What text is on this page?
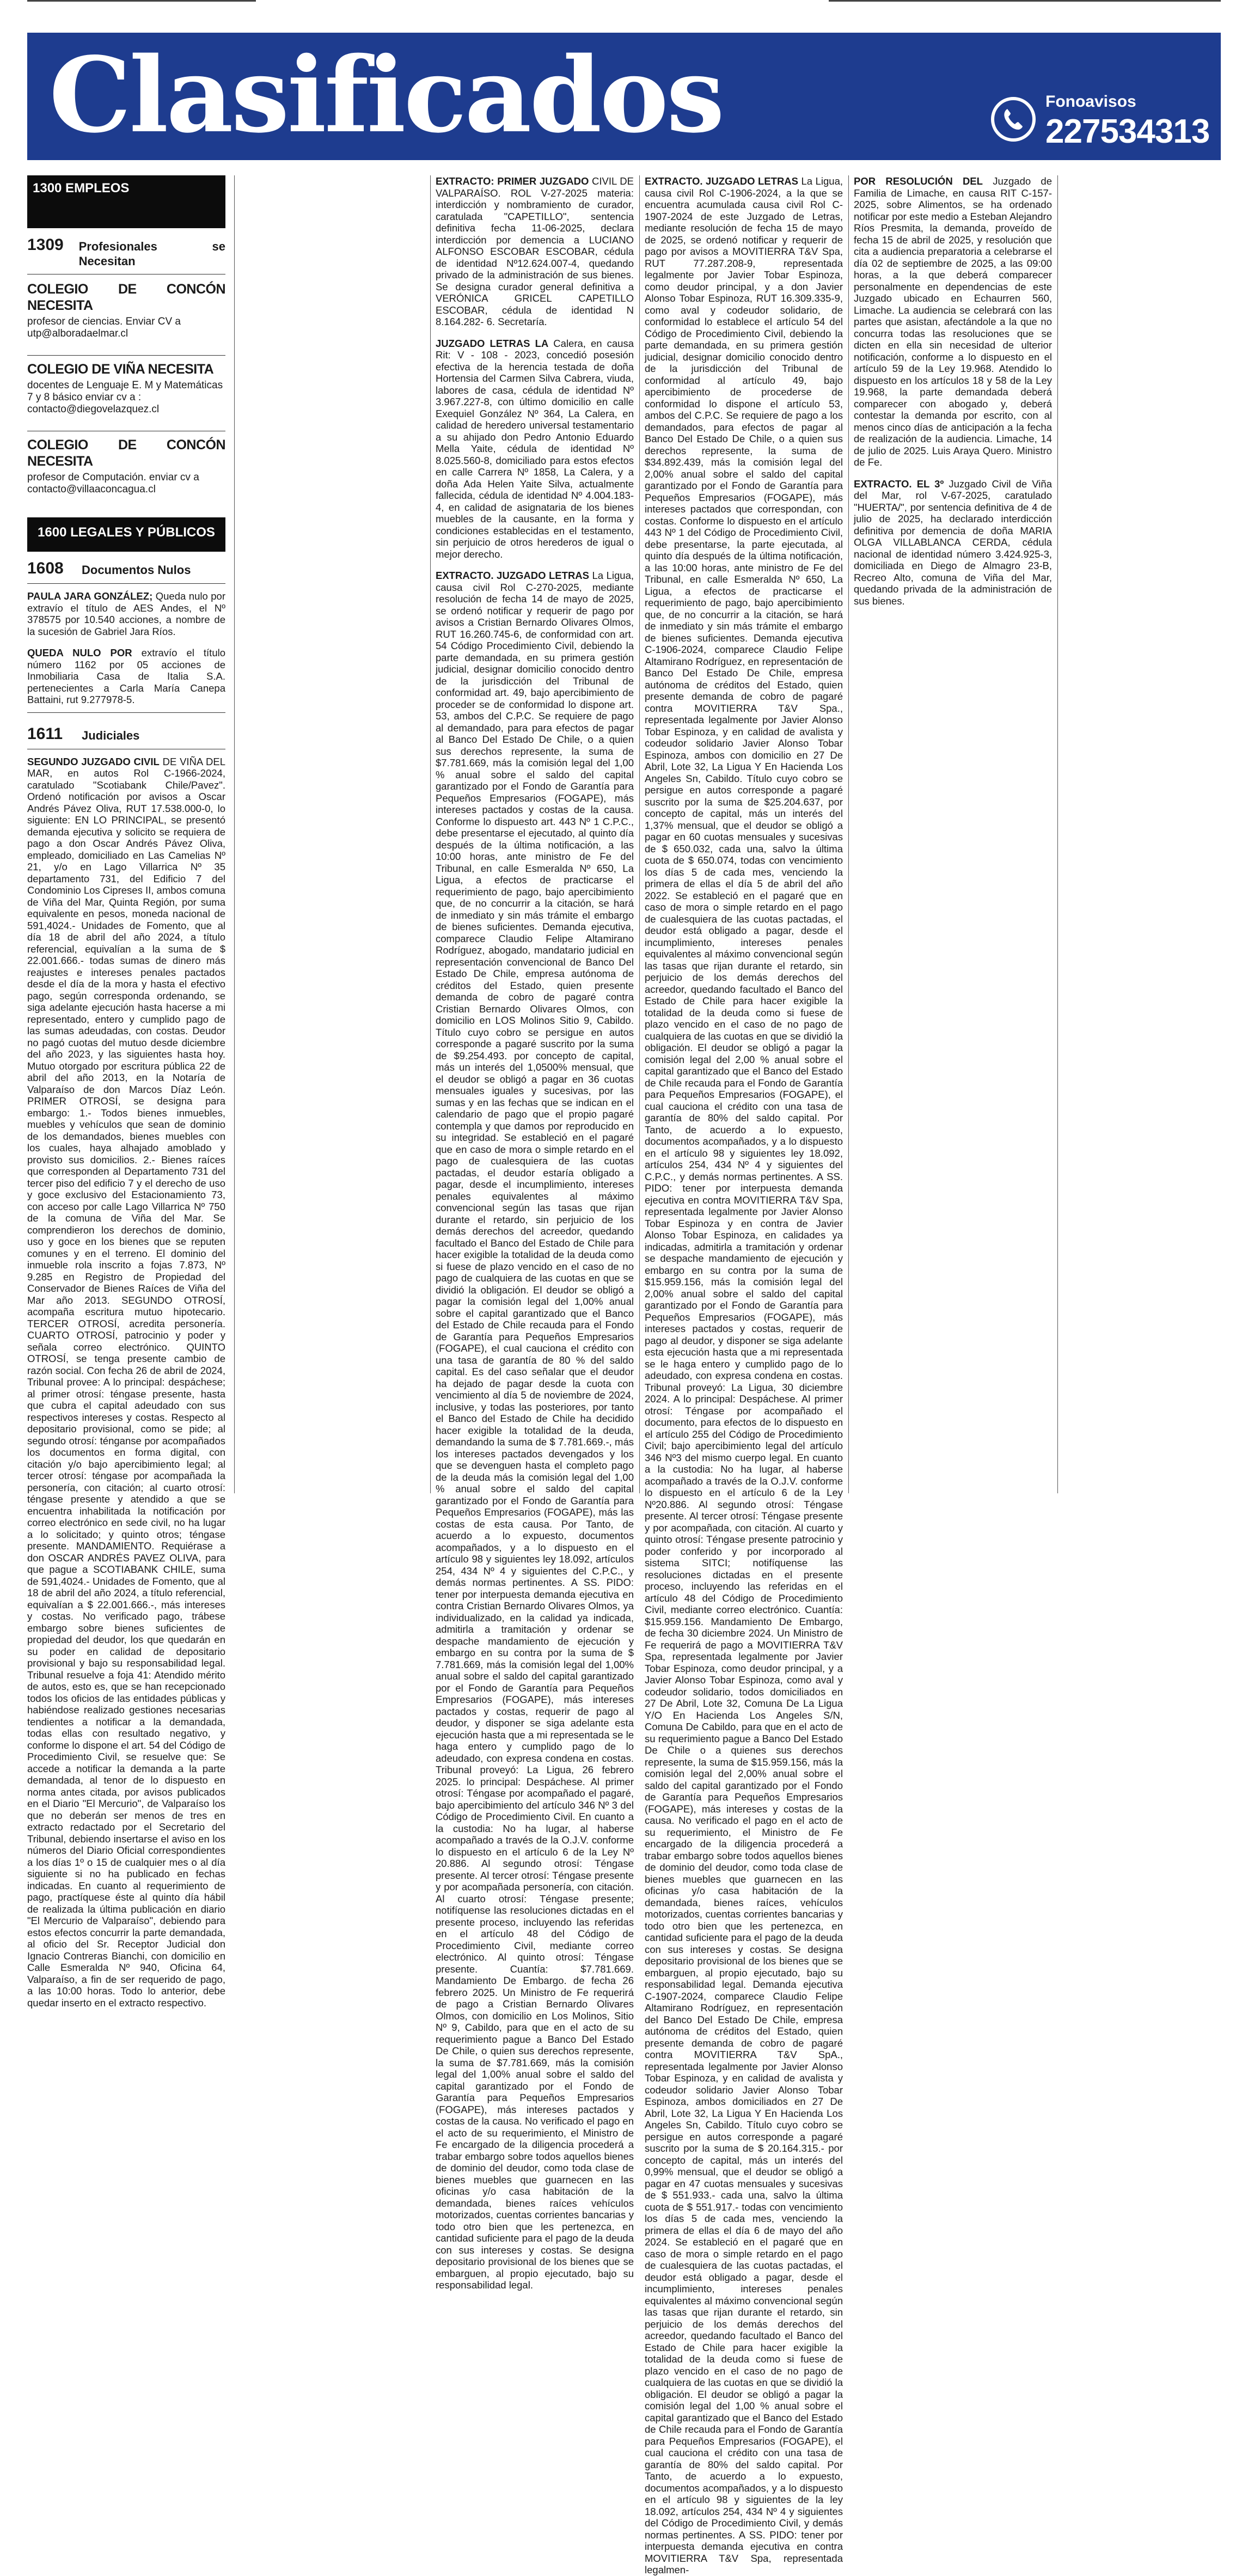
Clasificados	Fonoavisos
227534313
1300 EMPLEOS
1309	Profesionales se Necesitan
COLEGIO DE CONCÓN NECESITA

profesor de ciencias. Enviar CV a utp@alboradaelmar.cl

COLEGIO DE VIÑA NECESITA

docentes de Lenguaje E. M y Matemáticas 7 y 8 básico enviar cv a : contacto@diegovelazquez.cl

COLEGIO DE CONCÓN NECESITA

profesor de Computación. enviar cv a contacto@villaaconcagua.cl

1600 LEGALES Y PÚBLICOS
1608	Documentos Nulos

PAULA JARA GONZÁLEZ; Queda nulo por extravío el título de AES Andes, el Nº 378575 por 10.540 acciones, a nombre de la sucesión de Gabriel Jara Ríos.

QUEDA NULO POR extravío el título número 1162 por 05 acciones de Inmobiliaria Casa de Italia S.A. pertenecientes a Carla María Canepa Battaini, rut 9.277978-5.

1611	Judiciales

SEGUNDO JUZGADO CIVIL DE VIÑA DEL MAR, en autos Rol C-1966-2024, caratulado "Scotiabank Chile/Pavez". Ordenó notificación por avisos a Oscar Andrés Pávez Oliva, RUT 17.538.000-0, lo siguiente: EN LO PRINCIPAL, se presentó demanda ejecutiva y solicito se requiera de pago a don Oscar Andrés Pávez Oliva, empleado, domiciliado en Las Camelias Nº 21, y/o en Lago Villarrica Nº 35 departamento 731, del Edificio 7 del Condominio Los Cipreses II, ambos comuna de Viña del Mar, Quinta Región, por suma equivalente en pesos, moneda nacional de 591,4024.- Unidades de Fomento, que al día 18 de abril del año 2024, a título referencial, equivalían a la suma de $ 22.001.666.- todas sumas de dinero más reajustes e intereses penales pactados desde el día de la mora y hasta el efectivo pago, según corresponda ordenando, se siga adelante ejecución hasta hacerse a mi representado, entero y cumplido pago de las sumas adeudadas, con costas. Deudor no pagó cuotas del mutuo desde diciembre del año 2023, y las siguientes hasta hoy. Mutuo otorgado por escritura pública 22 de abril del año 2013, en la Notaría de Valparaíso de don Marcos Díaz León. PRIMER OTROSÍ, se designa para embargo: 1.- Todos bienes inmuebles, muebles y vehículos que sean de dominio de los demandados, bienes muebles con los cuales, haya alhajado amoblado y provisto sus domicilios. 2.- Bienes raíces que corresponden al Departamento 731 del tercer piso del edificio 7 y el derecho de uso y goce exclusivo del Estacionamiento 73, con acceso por calle Lago Villarrica Nº 750 de la comuna de Viña del Mar. Se comprendieron los derechos de dominio, uso y goce en los bienes que se reputen comunes y en el terreno. El dominio del inmueble rola inscrito a fojas 7.873, Nº 9.285 en Registro de Propiedad del Conservador de Bienes Raíces de Viña del Mar año 2013. SEGUNDO OTROSÍ, acompaña escritura mutuo hipotecario. TERCER OTROSÍ, acredita personería. CUARTO OTROSÍ, patrocinio y poder y señala correo electrónico. QUINTO OTROSÍ, se tenga presente cambio de razón social. Con fecha 26 de abril de 2024, Tribunal provee: A lo principal: despáchese; al primer otrosí: téngase presente, hasta que cubra el capital adeudado con sus respectivos intereses y costas. Respecto al depositario provisional, como se pide; al segundo otrosí: ténganse por acompañados los documentos en forma digital, con citación y/o bajo apercibimiento legal; al tercer otrosí: téngase por acompañada la personería, con citación; al cuarto otrosí: téngase presente y atendido a que se encuentra inhabilitada la notificación por correo electrónico en sede civil, no ha lugar a lo solicitado; y quinto otros; téngase presente. MANDAMIENTO. Requiérase a don OSCAR ANDRÉS PAVEZ OLIVA, para que pague a SCOTIABANK CHILE, suma de 591,4024.- Unidades de Fomento, que al 18 de abril del año 2024, a título referencial, equivalían a $ 22.001.666.-, más intereses y costas. No verificado pago, trábese embargo sobre bienes suficientes de propiedad del deudor, los que quedarán en su poder en calidad de depositario provisional y bajo su responsabilidad legal. Tribunal resuelve a foja 41: Atendido mérito de autos, esto es, que se han recepcionado todos los oficios de las entidades públicas y habiéndose realizado gestiones necesarias tendientes a notificar a la demandada, todas ellas con resultado negativo, y conforme lo dispone el art. 54 del Código de Procedimiento Civil, se resuelve que: Se accede a notificar la demanda a la parte demandada, al tenor de lo dispuesto en norma antes citada, por avisos publicados en el Diario "El Mercurio", de Valparaíso los que no deberán ser menos de tres en extracto redactado por el Secretario del Tribunal, debiendo insertarse el aviso en los números del Diario Oficial correspondientes a los días 1º o 15 de cualquier mes o al día siguiente si no ha publicado en fechas indicadas. En cuanto al requerimiento de pago, practíquese éste al quinto día hábil de realizada la última publicación en diario "El Mercurio de Valparaíso", debiendo para estos efectos concurrir la parte demandada, al oficio del Sr. Receptor Judicial don Ignacio Contreras Bianchi, con domicilio en Calle Esmeralda Nº 940, Oficina 64, Valparaíso, a fin de ser requerido de pago, a las 10:00 horas. Todo lo anterior, debe quedar inserto en el extracto respectivo.

EXTRACTO: PRIMER JUZGADO CIVIL DE VALPARAÍSO. ROL V-27-2025 materia: interdicción y nombramiento de curador, caratulada "CAPETILLO", sentencia definitiva fecha 11-06-2025, declara interdicción por demencia a LUCIANO ALFONSO ESCOBAR ESCOBAR, cédula de identidad Nº12.624.007-4, quedando privado de la administración de sus bienes. Se designa curador general definitiva a VERÓNICA GRICEL CAPETILLO ESCOBAR, cédula de identidad N 8.164.282- 6. Secretaría.

JUZGADO LETRAS LA Calera, en causa Rit: V - 108 - 2023, concedió posesión efectiva de la herencia testada de doña Hortensia del Carmen Silva Cabrera, viuda, labores de casa, cédula de identidad Nº 3.967.227-8, con último domicilio en calle Exequiel González Nº 364, La Calera, en calidad de heredero universal testamentario a su ahijado don Pedro Antonio Eduardo Mella Yaite, cédula de identidad Nº 8.025.560-8, domiciliado para estos efectos en calle Carrera Nº 1858, La Calera, y a doña Ada Helen Yaite Silva, actualmente fallecida, cédula de identidad Nº 4.004.183-4, en calidad de asignataria de los bienes muebles de la causante, en la forma y condiciones establecidas en el testamento, sin perjuicio de otros herederos de igual o mejor derecho.

EXTRACTO. JUZGADO LETRAS La Ligua, causa civil Rol C-270-2025, mediante resolución de fecha 14 de mayo de 2025, se ordenó notificar y requerir de pago por avisos a Cristian Bernardo Olivares Olmos, RUT 16.260.745-6, de conformidad con art. 54 Código Procedimiento Civil, debiendo la parte demandada, en su primera gestión judicial, designar domicilio conocido dentro de la jurisdicción del Tribunal de conformidad art. 49, bajo apercibimiento de proceder se de conformidad lo dispone art. 53, ambos del C.P.C. Se requiere de pago al demandado, para para efectos de pagar al Banco Del Estado De Chile, o a quien sus derechos represente, la suma de $7.781.669, más la comisión legal del 1,00 % anual sobre el saldo del capital garantizado por el Fondo de Garantía para Pequeños Empresarios (FOGAPE), más intereses pactados y costas de la causa. Conforme lo dispuesto art. 443 Nº 1 C.P.C., debe presentarse el ejecutado, al quinto día después de la última notificación, a las 10:00 horas, ante ministro de Fe del Tribunal, en calle Esmeralda Nº 650, La Ligua, a efectos de practicarse el requerimiento de pago, bajo apercibimiento que, de no concurrir a la citación, se hará de inmediato y sin más trámite el embargo de bienes suficientes. Demanda ejecutiva, comparece Claudio Felipe Altamirano Rodríguez, abogado, mandatario judicial en representación convencional de Banco Del Estado De Chile, empresa autónoma de créditos del Estado, quien presente demanda de cobro de pagaré contra Cristian Bernardo Olivares Olmos, con domicilio en LOS Molinos Sitio 9, Cabildo. Título cuyo cobro se persigue en autos corresponde a pagaré suscrito por la suma de $9.254.493. por concepto de capital, más un interés del 1,0500% mensual, que el deudor se obligó a pagar en 36 cuotas mensuales iguales y sucesivas, por las sumas y en las fechas que se indican en el calendario de pago que el propio pagaré contempla y que damos por reproducido en su integridad. Se estableció en el pagaré que en caso de mora o simple retardo en el pago de cualesquiera de las cuotas pactadas, el deudor estaría obligado a pagar, desde el incumplimiento, intereses penales equivalentes al máximo convencional según las tasas que rijan durante el retardo, sin perjuicio de los demás derechos del acreedor, quedando facultado el Banco del Estado de Chile para hacer exigible la totalidad de la deuda como si fuese de plazo vencido en el caso de no pago de cualquiera de las cuotas en que se dividió la obligación. El deudor se obligó a pagar la comisión legal del 1,00% anual sobre el capital garantizado que el Banco del Estado de Chile recauda para el Fondo de Garantía para Pequeños Empresarios (FOGAPE), el cual cauciona el crédito con una tasa de garantía de 80 % del saldo capital. Es del caso señalar que el deudor ha dejado de pagar desde la cuota con vencimiento al día 5 de noviembre de 2024, inclusive, y todas las posteriores, por tanto el Banco del Estado de Chile ha decidido hacer exigible la totalidad de la deuda, demandando la suma de $ 7.781.669.-, más los intereses pactados devengados y los que se devenguen hasta el completo pago de la deuda más la comisión legal del 1,00 % anual sobre el saldo del capital garantizado por el Fondo de Garantía para Pequeños Empresarios (FOGAPE), más las costas de esta causa. Por Tanto, de acuerdo a lo expuesto, documentos acompañados, y a lo dispuesto en el artículo 98 y siguientes ley 18.092, artículos 254, 434 Nº 4 y siguientes del C.P.C., y demás normas pertinentes. A SS. PIDO: tener por interpuesta demanda ejecutiva en contra Cristian Bernardo Olivares Olmos, ya individualizado, en la calidad ya indicada, admitirla a tramitación y ordenar se despache mandamiento de ejecución y embargo en su contra por la suma de $ 7.781.669, más la comisión legal del 1,00% anual sobre el saldo del capital garantizado por el Fondo de Garantía para Pequeños Empresarios (FOGAPE), más intereses pactados y costas, requerir de pago al deudor, y disponer se siga adelante esta ejecución hasta que a mi representada se le haga entero y cumplido pago de lo adeudado, con expresa condena en costas. Tribunal proveyó: La Ligua, 26 febrero 2025. lo principal: Despáchese. Al primer otrosí: Téngase por acompañado el pagaré, bajo apercibimiento del artículo 346 Nº 3 del Código de Procedimiento Civil. En cuanto a la custodia: No ha lugar, al haberse acompañado a través de la O.J.V. conforme lo dispuesto en el artículo 6 de la Ley Nº 20.886. Al segundo otrosí: Téngase presente. Al tercer otrosí: Téngase presente y por acompañada personería, con citación. Al cuarto otrosí: Téngase presente; notifíquense las resoluciones dictadas en el presente proceso, incluyendo las referidas en el artículo 48 del Código de Procedimiento Civil, mediante correo electrónico. Al quinto otrosí: Téngase presente. Cuantía: $7.781.669. Mandamiento De Embargo. de fecha 26 febrero 2025. Un Ministro de Fe requerirá de pago a Cristian Bernardo Olivares Olmos, con domicilio en Los Molinos, Sitio Nº 9, Cabildo, para que en el acto de su requerimiento pague a Banco Del Estado De Chile, o quien sus derechos represente, la suma de $7.781.669, más la comisión legal del 1,00% anual sobre el saldo del capital garantizado por el Fondo de Garantía para Pequeños Empresarios (FOGAPE), más intereses pactados y costas de la causa. No verificado el pago en el acto de su requerimiento, el Ministro de Fe encargado de la diligencia procederá a trabar embargo sobre todos aquellos bienes de dominio del deudor, como toda clase de bienes muebles que guarnecen en las oficinas y/o casa habitación de la demandada, bienes raíces vehículos motorizados, cuentas corrientes bancarias y todo otro bien que les pertenezca, en cantidad suficiente para el pago de la deuda con sus intereses y costas. Se designa depositario provisional de los bienes que se embarguen, al propio ejecutado, bajo su responsabilidad legal.

EXTRACTO. JUZGADO LETRAS La Ligua, causa civil Rol C-1906-2024, a la que se encuentra acumulada causa civil Rol C-1907-2024 de este Juzgado de Letras, mediante resolución de fecha 15 de mayo de 2025, se ordenó notificar y requerir de pago por avisos a MOVITIERRA T&V Spa, RUT 77.287.208-9, representada legalmente por Javier Tobar Espinoza, como deudor principal, y a don Javier Alonso Tobar Espinoza, RUT 16.309.335-9, como aval y codeudor solidario, de conformidad lo establece el artículo 54 del Código de Procedimiento Civil, debiendo la parte demandada, en su primera gestión judicial, designar domicilio conocido dentro de la jurisdicción del Tribunal de conformidad al artículo 49, bajo apercibimiento de procederse de conformidad lo dispone el artículo 53, ambos del C.P.C. Se requiere de pago a los demandados, para efectos de pagar al Banco Del Estado De Chile, o a quien sus derechos represente, la suma de $34.892.439, más la comisión legal del 2,00% anual sobre el saldo del capital garantizado por el Fondo de Garantía para Pequeños Empresarios (FOGAPE), más intereses pactados que correspondan, con costas. Conforme lo dispuesto en el artículo 443 Nº 1 del Código de Procedimiento Civil, debe presentarse, la parte ejecutada, al quinto día después de la última notificación, a las 10:00 horas, ante ministro de Fe del Tribunal, en calle Esmeralda Nº 650, La Ligua, a efectos de practicarse el requerimiento de pago, bajo apercibimiento que, de no concurrir a la citación, se hará de inmediato y sin más trámite el embargo de bienes suficientes. Demanda ejecutiva C-1906-2024, comparece Claudio Felipe Altamirano Rodríguez, en representación de Banco Del Estado De Chile, empresa autónoma de créditos del Estado, quien presente demanda de cobro de pagaré contra MOVITIERRA T&V Spa., representada legalmente por Javier Alonso Tobar Espinoza, y en calidad de avalista y codeudor solidario Javier Alonso Tobar Espinoza, ambos con domicilio en 27 De Abril, Lote 32, La Ligua Y En Hacienda Los Angeles Sn, Cabildo. Título cuyo cobro se persigue en autos corresponde a pagaré suscrito por la suma de $25.204.637, por concepto de capital, más un interés del 1,37% mensual, que el deudor se obligó a pagar en 60 cuotas mensuales y sucesivas de $ 650.032, cada una, salvo la última cuota de $ 650.074, todas con vencimiento los días 5 de cada mes, venciendo la primera de ellas el día 5 de abril del año 2022. Se estableció en el pagaré que en caso de mora o simple retardo en el pago de cualesquiera de las cuotas pactadas, el deudor está obligado a pagar, desde el incumplimiento, intereses penales equivalentes al máximo convencional según las tasas que rijan durante el retardo, sin perjuicio de los demás derechos del acreedor, quedando facultado el Banco del Estado de Chile para hacer exigible la totalidad de la deuda como si fuese de plazo vencido en el caso de no pago de cualquiera de las cuotas en que se dividió la obligación. El deudor se obligó a pagar la comisión legal del 2,00 % anual sobre el capital garantizado que el Banco del Estado de Chile recauda para el Fondo de Garantía para Pequeños Empresarios (FOGAPE), el cual cauciona el crédito con una tasa de garantía de 80% del saldo capital. Por Tanto, de acuerdo a lo expuesto, documentos acompañados, y a lo dispuesto en el artículo 98 y siguientes ley 18.092, artículos 254, 434 Nº 4 y siguientes del C.P.C., y demás normas pertinentes. A SS. PIDO: tener por interpuesta demanda ejecutiva en contra MOVITIERRA T&V Spa, representada legalmente por Javier Alonso Tobar Espinoza y en contra de Javier Alonso Tobar Espinoza, en calidades ya indicadas, admitirla a tramitación y ordenar se despache mandamiento de ejecución y embargo en su contra por la suma de $15.959.156, más la comisión legal del 2,00% anual sobre el saldo del capital garantizado por el Fondo de Garantía para Pequeños Empresarios (FOGAPE), más intereses pactados y costas, requerir de pago al deudor, y disponer se siga adelante esta ejecución hasta que a mi representada se le haga entero y cumplido pago de lo adeudado, con expresa condena en costas. Tribunal proveyó: La Ligua, 30 diciembre 2024. A lo principal: Despáchese. Al primer otrosí: Téngase por acompañado el documento, para efectos de lo dispuesto en el artículo 255 del Código de Procedimiento Civil; bajo apercibimiento legal del artículo 346 Nº3 del mismo cuerpo legal. En cuanto a la custodia: No ha lugar, al haberse acompañado a través de la O.J.V. conforme lo dispuesto en el artículo 6 de la Ley Nº20.886. Al segundo otrosí: Téngase presente. Al tercer otrosí: Téngase presente y por acompañada, con citación. Al cuarto y quinto otrosí: Téngase presente patrocinio y poder conferido y por incorporado al sistema SITCI; notifíquense las resoluciones dictadas en el presente proceso, incluyendo las referidas en el artículo 48 del Código de Procedimiento Civil, mediante correo electrónico. Cuantía: $15.959.156. Mandamiento De Embargo, de fecha 30 diciembre 2024. Un Ministro de Fe requerirá de pago a MOVITIERRA T&V Spa, representada legalmente por Javier Tobar Espinoza, como deudor principal, y a Javier Alonso Tobar Espinoza, como aval y codeudor solidario, todos domiciliados en 27 De Abril, Lote 32, Comuna De La Ligua Y/O En Hacienda Los Angeles S/N, Comuna De Cabildo, para que en el acto de su requerimiento pague a Banco Del Estado De Chile o a quienes sus derechos represente, la suma de $15.959.156, más la comisión legal del 2,00% anual sobre el saldo del capital garantizado por el Fondo de Garantía para Pequeños Empresarios (FOGAPE), más intereses y costas de la causa. No verificado el pago en el acto de su requerimiento, el Ministro de Fe encargado de la diligencia procederá a trabar embargo sobre todos aquellos bienes de dominio del deudor, como toda clase de bienes muebles que guarnecen en las oficinas y/o casa habitación de la demandada, bienes raíces, vehículos motorizados, cuentas corrientes bancarias y todo otro bien que les pertenezca, en cantidad suficiente para el pago de la deuda con sus intereses y costas. Se designa depositario provisional de los bienes que se embarguen, al propio ejecutado, bajo su responsabilidad legal. Demanda ejecutiva C-1907-2024, comparece Claudio Felipe Altamirano Rodríguez, en representación del Banco Del Estado De Chile, empresa autónoma de créditos del Estado, quien presente demanda de cobro de pagaré contra MOVITIERRA T&V SpA., representada legalmente por Javier Alonso Tobar Espinoza, y en calidad de avalista y codeudor solidario Javier Alonso Tobar Espinoza, ambos domiciliados en 27 De Abril, Lote 32, La Ligua Y En Hacienda Los Angeles Sn, Cabildo. Título cuyo cobro se persigue en autos corresponde a pagaré suscrito por la suma de $ 20.164.315.- por concepto de capital, más un interés del 0,99% mensual, que el deudor se obligó a pagar en 47 cuotas mensuales y sucesivas de $ 551.933.- cada una, salvo la última cuota de $ 551.917.- todas con vencimiento los días 5 de cada mes, venciendo la primera de ellas el día 6 de mayo del año 2024. Se estableció en el pagaré que en caso de mora o simple retardo en el pago de cualesquiera de las cuotas pactadas, el deudor está obligado a pagar, desde el incumplimiento, intereses penales equivalentes al máximo convencional según las tasas que rijan durante el retardo, sin perjuicio de los demás derechos del acreedor, quedando facultado el Banco del Estado de Chile para hacer exigible la totalidad de la deuda como si fuese de plazo vencido en el caso de no pago de cualquiera de las cuotas en que se dividió la obligación. El deudor se obligó a pagar la comisión legal del 1,00 % anual sobre el capital garantizado que el Banco del Estado de Chile recauda para el Fondo de Garantía para Pequeños Empresarios (FOGAPE), el cual cauciona el crédito con una tasa de garantía de 80% del saldo capital. Por Tanto, de acuerdo a lo expuesto, documentos acompañados, y a lo dispuesto en el artículo 98 y siguientes de la ley 18.092, artículos 254, 434 Nº 4 y siguientes del Código de Procedimiento Civil, y demás normas pertinentes. A SS. PIDO: tener por interpuesta demanda ejecutiva en contra MOVITIERRA T&V Spa, representada legalmen-

POR RESOLUCIÓN DEL Juzgado de Familia de Limache, en causa RIT C-157-2025, sobre Alimentos, se ha ordenado notificar por este medio a Esteban Alejandro Ríos Presmita, la demanda, proveído de fecha 15 de abril de 2025, y resolución que cita a audiencia preparatoria a celebrarse el día 02 de septiembre de 2025, a las 09:00 horas, a la que deberá comparecer personalmente en dependencias de este Juzgado ubicado en Echaurren 560, Limache. La audiencia se celebrará con las partes que asistan, afectándole a la que no concurra todas las resoluciones que se dicten en ella sin necesidad de ulterior notificación, conforme a lo dispuesto en el artículo 59 de la Ley 19.968. Atendido lo dispuesto en los artículos 18 y 58 de la Ley 19.968, la parte demandada deberá comparecer con abogado y, deberá contestar la demanda por escrito, con al menos cinco días de anticipación a la fecha de realización de la audiencia. Limache, 14 de julio de 2025. Luis Araya Quero. Ministro de Fe.

EXTRACTO. EL 3º Juzgado Civil de Viña del Mar, rol V-67-2025, caratulado "HUERTA/", por sentencia definitiva de 4 de julio de 2025, ha declarado interdicción definitiva por demencia de doña MARIA OLGA VILLABLANCA CERDA, cédula nacional de identidad número 3.424.925-3, domiciliada en Diego de Almagro 23-B, Recreo Alto, comuna de Viña del Mar, quedando privada de la administración de sus bienes.
